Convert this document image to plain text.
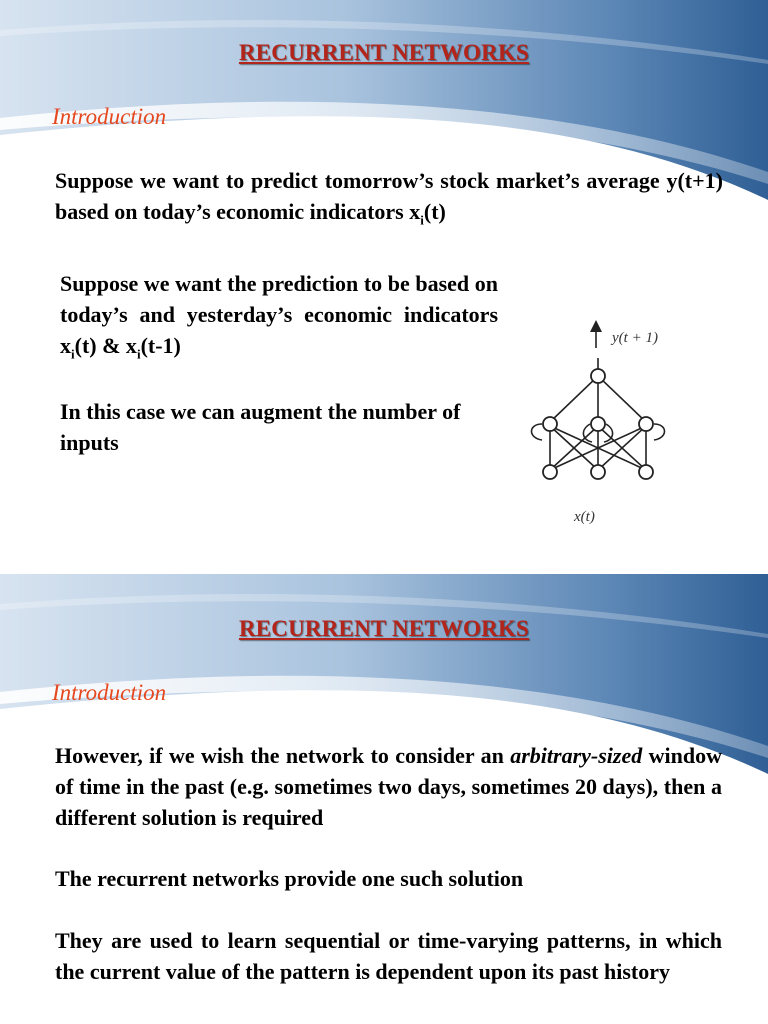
RECURRENT NETWORKS
Introduction
Suppose we want to predict tomorrow’s stock market’s average y(t+1) based on today’s economic indicators $x_i(t)$
Suppose we want the prediction to be based on today’s and yesterday’s economic indicators $x_i(t)$ & $x_i(t-1)$
In this case we can augment the number of inputs
y(t + 1)
x(t)
RECURRENT NETWORKS
Introduction
However, if we wish the network to consider an arbitrary-sized window of time in the past (e.g. sometimes two days, sometimes 20 days), then a different solution is required
The recurrent networks provide one such solution
They are used to learn sequential or time-varying patterns, in which the current value of the pattern is dependent upon its past history
